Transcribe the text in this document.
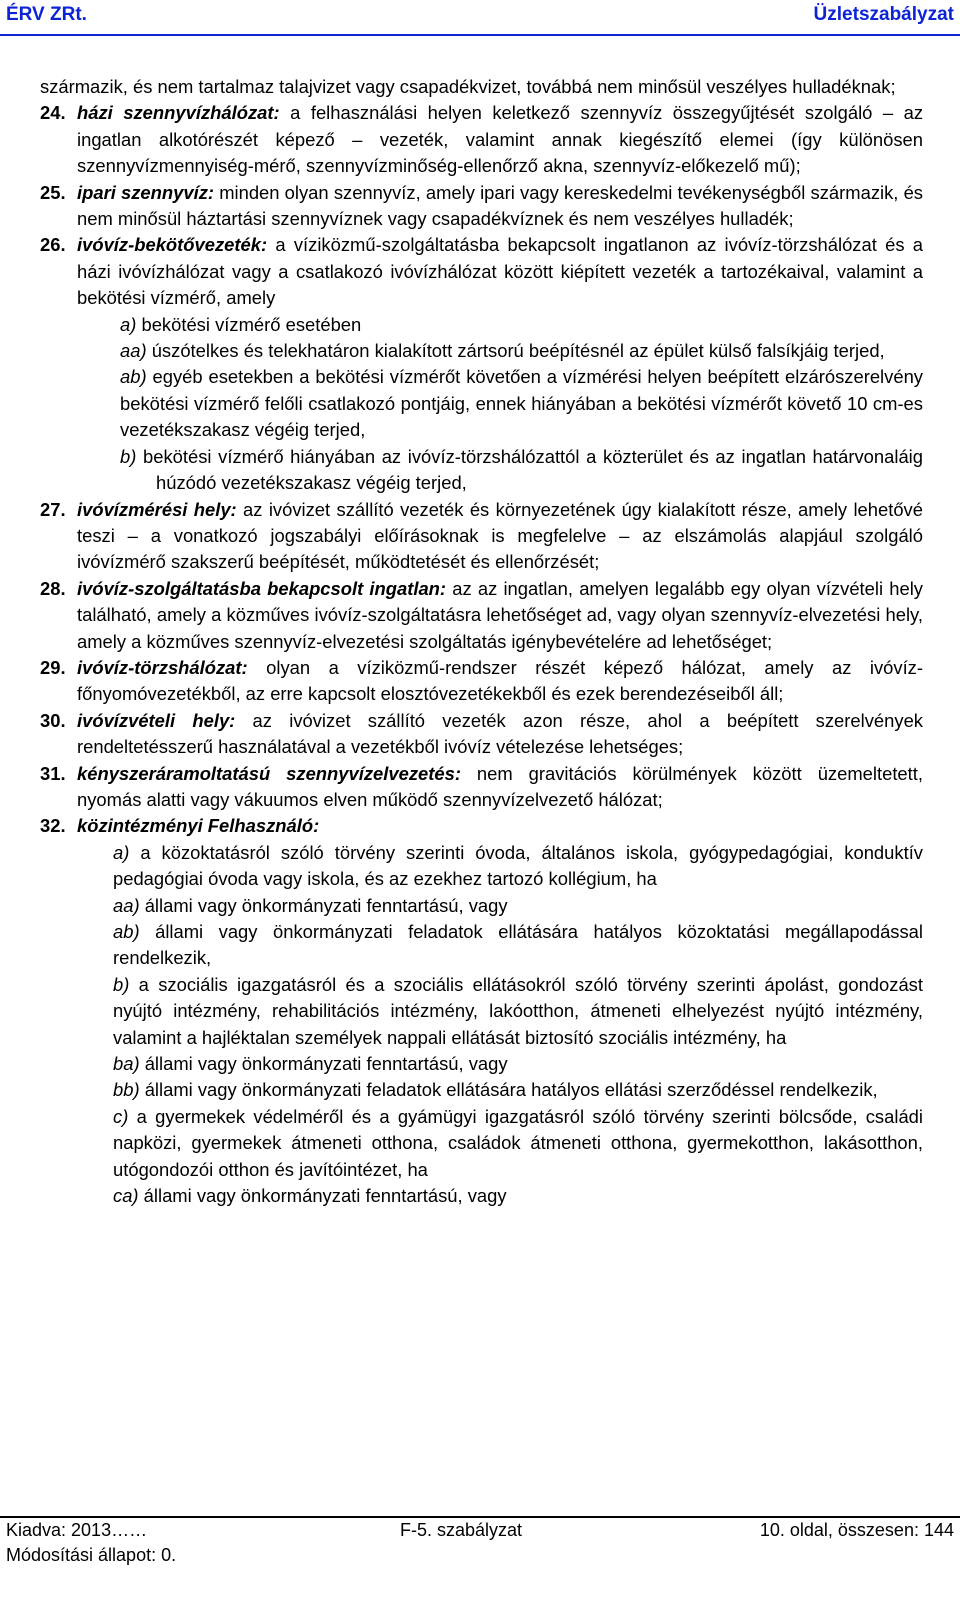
ÉRV ZRt.	Üzletszabályzat

származik, és nem tartalmaz talajvizet vagy csapadékvizet, továbbá nem minősül veszélyes hulladéknak;

24. házi szennyvízhálózat: a felhasználási helyen keletkező szennyvíz összegyűjtését szolgáló – az ingatlan alkotórészét képező – vezeték, valamint annak kiegészítő elemei (így különösen szennyvízmennyiség-mérő, szennyvízminőség-ellenőrző akna, szennyvíz-előkezelő mű);

25. ipari szennyvíz: minden olyan szennyvíz, amely ipari vagy kereskedelmi tevékenységből származik, és nem minősül háztartási szennyvíznek vagy csapadékvíznek és nem veszélyes hulladék;

26. ivóvíz-bekötővezeték: a víziközmű-szolgáltatásba bekapcsolt ingatlanon az ivóvíz-törzshálózat és a házi ivóvízhálózat vagy a csatlakozó ivóvízhálózat között kiépített vezeték a tartozékaival, valamint a bekötési vízmérő, amely

a) bekötési vízmérő esetében

aa) úszótelkes és telekhatáron kialakított zártsorú beépítésnél az épület külső falsíkjáig terjed,

ab) egyéb esetekben a bekötési vízmérőt követően a vízmérési helyen beépített elzárószerelvény bekötési vízmérő felőli csatlakozó pontjáig, ennek hiányában a bekötési vízmérőt követő 10 cm-es vezetékszakasz végéig terjed,

b) bekötési vízmérő hiányában az ivóvíz-törzshálózattól a közterület és az ingatlan határvonaláig húzódó vezetékszakasz végéig terjed,

27. ivóvízmérési hely: az ivóvizet szállító vezeték és környezetének úgy kialakított része, amely lehetővé teszi – a vonatkozó jogszabályi előírásoknak is megfelelve – az elszámolás alapjául szolgáló ivóvízmérő szakszerű beépítését, működtetését és ellenőrzését;

28. ivóvíz-szolgáltatásba bekapcsolt ingatlan: az az ingatlan, amelyen legalább egy olyan vízvételi hely található, amely a közműves ivóvíz-szolgáltatásra lehetőséget ad, vagy olyan szennyvíz-elvezetési hely, amely a közműves szennyvíz-elvezetési szolgáltatás igénybevételére ad lehetőséget;

29. ivóvíz-törzshálózat: olyan a víziközmű-rendszer részét képező hálózat, amely az ivóvíz-főnyomóvezetékből, az erre kapcsolt elosztóvezetékekből és ezek berendezéseiből áll;

30. ivóvízvételi hely: az ivóvizet szállító vezeték azon része, ahol a beépített szerelvények rendeltetésszerű használatával a vezetékből ivóvíz vételezése lehetséges;

31. kényszeráramoltatású szennyvízelvezetés: nem gravitációs körülmények között üzemeltetett, nyomás alatti vagy vákuumos elven működő szennyvízelvezető hálózat;

32. közintézményi Felhasználó:

a) a közoktatásról szóló törvény szerinti óvoda, általános iskola, gyógypedagógiai, konduktív pedagógiai óvoda vagy iskola, és az ezekhez tartozó kollégium, ha

aa) állami vagy önkormányzati fenntartású, vagy

ab) állami vagy önkormányzati feladatok ellátására hatályos közoktatási megállapodással rendelkezik,

b) a szociális igazgatásról és a szociális ellátásokról szóló törvény szerinti ápolást, gondozást nyújtó intézmény, rehabilitációs intézmény, lakóotthon, átmeneti elhelyezést nyújtó intézmény, valamint a hajléktalan személyek nappali ellátását biztosító szociális intézmény, ha

ba) állami vagy önkormányzati fenntartású, vagy

bb) állami vagy önkormányzati feladatok ellátására hatályos ellátási szerződéssel rendelkezik,

c) a gyermekek védelméről és a gyámügyi igazgatásról szóló törvény szerinti bölcsőde, családi napközi, gyermekek átmeneti otthona, családok átmeneti otthona, gyermekotthon, lakásotthon, utógondozói otthon és javítóintézet, ha

ca) állami vagy önkormányzati fenntartású, vagy

Kiadva: 2013……	F-5. szabályzat	10. oldal, összesen: 144
Módosítási állapot: 0.
